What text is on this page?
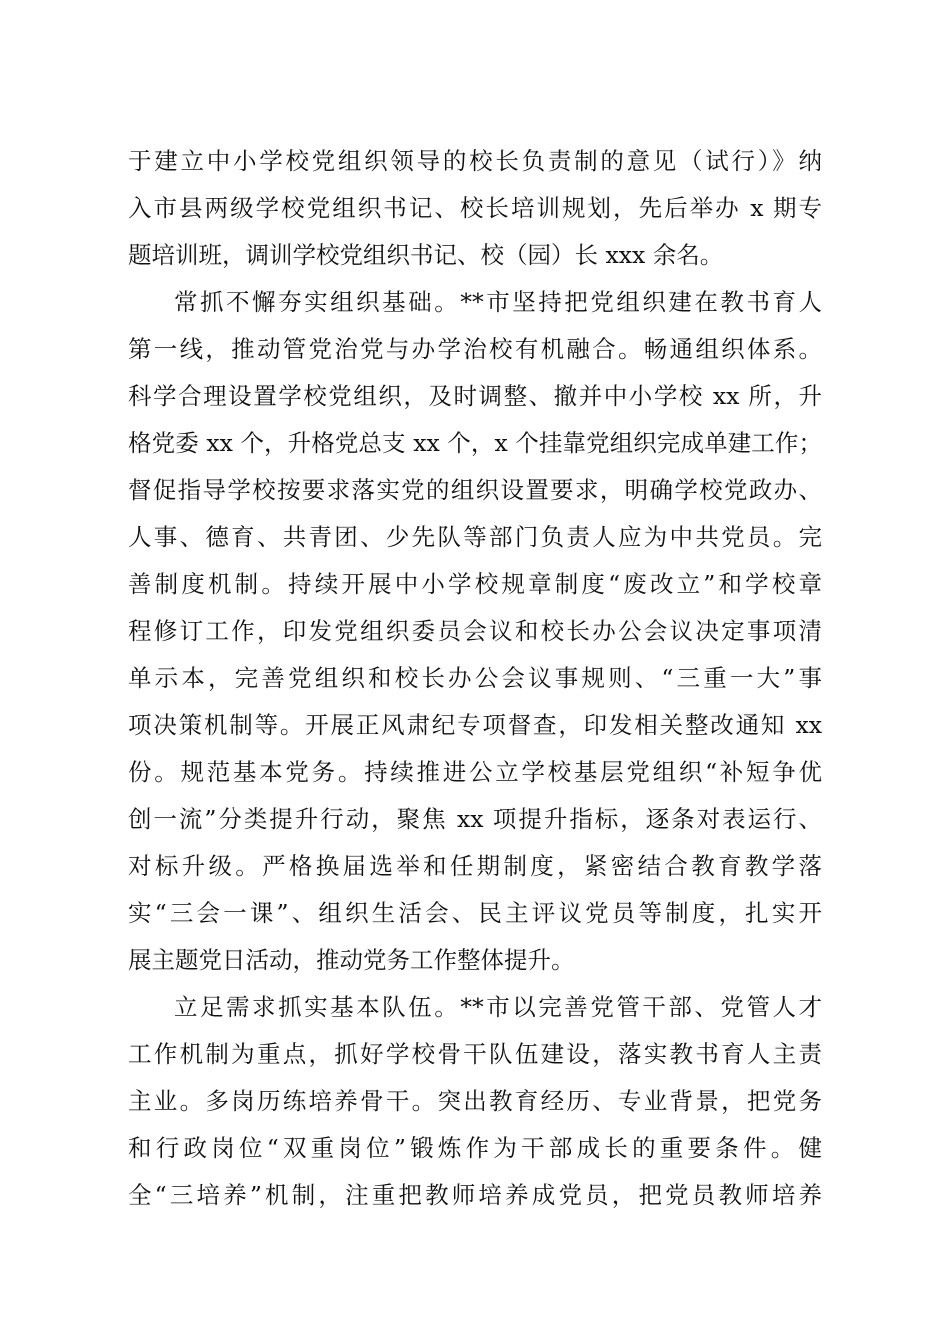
于建立中小学校党组织领导的校长负责制的意见（试行）》纳

入市县两级学校党组织书记、校长培训规划，先后举办 x 期专

题培训班，调训学校党组织书记、校（园）长 xxx 余名。

常抓不懈夯实组织基础。**市坚持把党组织建在教书育人

第一线，推动管党治党与办学治校有机融合。畅通组织体系。

科学合理设置学校党组织，及时调整、撤并中小学校 xx 所，升

格党委 xx 个，升格党总支 xx 个，x 个挂靠党组织完成单建工作；

督促指导学校按要求落实党的组织设置要求，明确学校党政办、

人事、德育、共青团、少先队等部门负责人应为中共党员。完

善制度机制。持续开展中小学校规章制度“废改立”和学校章

程修订工作，印发党组织委员会议和校长办公会议决定事项清

单示本，完善党组织和校长办公会议事规则、“三重一大”事

项决策机制等。开展正风肃纪专项督查，印发相关整改通知 xx

份。规范基本党务。持续推进公立学校基层党组织“补短争优

创一流”分类提升行动，聚焦 xx 项提升指标，逐条对表运行、

对标升级。严格换届选举和任期制度，紧密结合教育教学落

实“三会一课”、组织生活会、民主评议党员等制度，扎实开

展主题党日活动，推动党务工作整体提升。

立足需求抓实基本队伍。**市以完善党管干部、党管人才

工作机制为重点，抓好学校骨干队伍建设，落实教书育人主责

主业。多岗历练培养骨干。突出教育经历、专业背景，把党务

和行政岗位“双重岗位”锻炼作为干部成长的重要条件。健

全“三培养”机制，注重把教师培养成党员，把党员教师培养
